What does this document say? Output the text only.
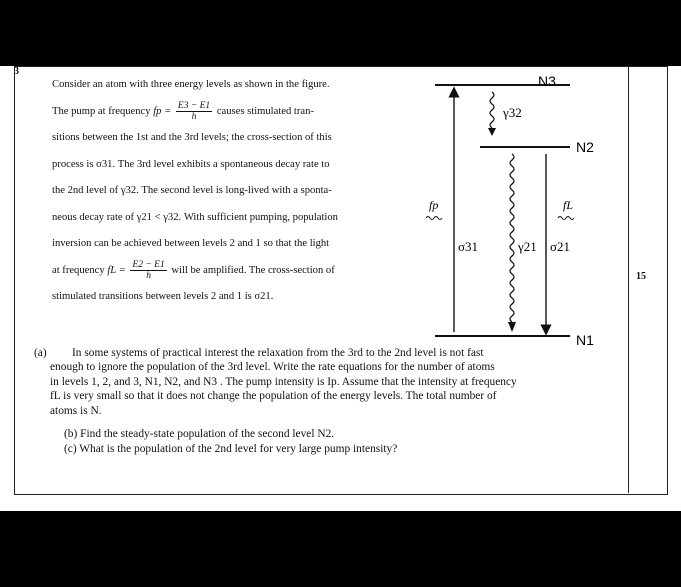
3
15
Consider an atom with three energy levels as shown in the figure.
The pump at frequency fp = $\frac{E3 - E1}{h}$ causes stimulated tran-
sitions between the 1st and the 3rd levels; the cross-section of this
process is σ31. The 3rd level exhibits a spontaneous decay rate to
the 2nd level of γ32. The second level is long-lived with a sponta-
neous decay rate of γ21 < γ32. With sufficient pumping, population
inversion can be achieved between levels 2 and 1 so that the light
at frequency fL = $\frac{E2 - E1}{h}$ will be amplified. The cross-section of
stimulated transitions between levels 2 and 1 is σ21.
N3
N2
N1
γ32
σ31	γ21 σ21
fp	fL
(a) In some systems of practical interest the relaxation from the 3rd to the 2nd level is not fast
enough to ignore the population of the 3rd level. Write the rate equations for the number of atoms
in levels 1, 2, and 3, N1, N2, and N3 . The pump intensity is Ip. Assume that the intensity at frequency
fL is very small so that it does not change the population of the energy levels. The total number of
atoms is N.
(b) Find the steady-state population of the second level N2.
(c) What is the population of the 2nd level for very large pump intensity?
